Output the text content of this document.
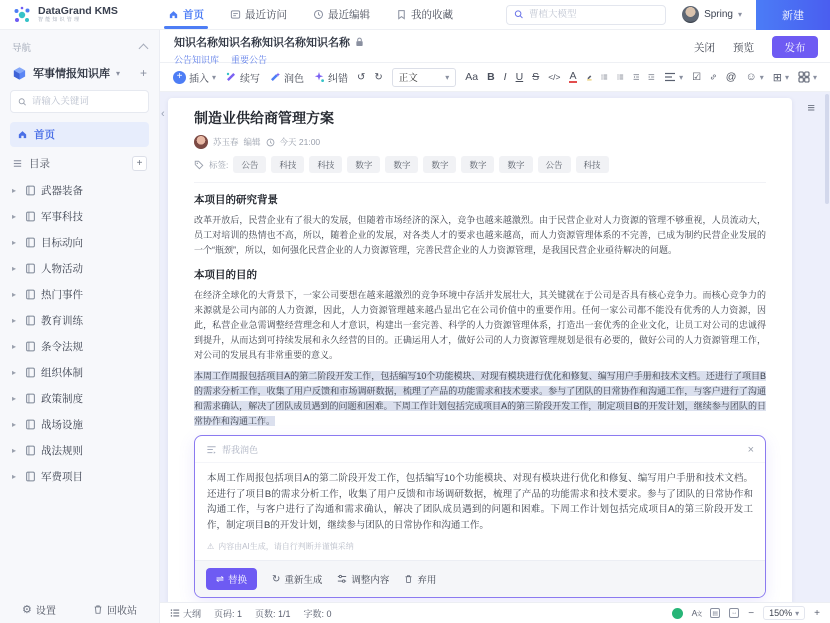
DataGrand KMS
智能知识管理	首页	最近访问	最近编辑	我的收藏
曹植大模型	Spring ▾	新建
导航
军事情报知识库 ▾ +
请输入关键词
首页
目录	+
▸	武器装备
▸	军事科技
▸	目标动向
▸	人物活动
▸	热门事件
▸	教育训练
▸	条令法规
▸	组织体制
▸	政策制度
▸	战场设施
▸	战法规则
▸	军费项目
⚙ 设置	回收站
知识名称知识名称知识名称知识名称
公告知识库 重要公告
关闭 预览	发布
+ 插入 ▾ 续写 润色 纠错 ↺ ↻ 正文	▾ Aa B I U S </> A	▾ ☑ @ ☺ ▾ ⊞ ▾	▾
‹	≡
制造业供给商管理方案
苏玉春 编辑 今天 21:00
标签:	公告	科技	科技	数字	数字	数字	数字	数字	公告	科技
本项目的研究背景

改革开放后，民营企业有了很大的发展，但随着市场经济的深入，竞争也越来越激烈。由于民营企业对人力资源的管理不够重视，人员流动大，员工对培训的热情也不高，所以，随着企业的发展，对各类人才的要求也越来越高，而人力资源管理体系的不完善，已成为制约民营企业发展的一个“瓶颈”，所以，如何强化民营企业的人力资源管理，完善民营企业的人力资源管理，是我国民营企业亟待解决的问题。

本项目的目的

在经济全球化的大背景下，一家公司要想在越来越激烈的竞争环境中存活并发展壮大，其关键就在于公司是否具有核心竞争力。而核心竞争力的来源就是公司内部的人力资源，因此，人力资源管理越来越凸显出它在公司价值中的重要作用。任何一家公司都不能没有优秀的人力资源，因此，私营企业急需调整经营理念和人才意识，构建出一套完善、科学的人力资源管理体系，打造出一套优秀的企业文化，让员工对公司的忠诚得到提升，从而达到可持续发展和永久经营的目的。正确运用人才，做好公司的人力资源管理规划是很有必要的，做好公司的人力资源管理工作，对公司的发展具有非常重要的意义。

本周工作周报包括项目A的第二阶段开发工作，包括编写10个功能模块、对现有模块进行优化和修复、编写用户手册和技术文档。还进行了项目B的需求分析工作，收集了用户反馈和市场调研数据，梳理了产品的功能需求和技术要求。参与了团队的日常协作和沟通工作，与客户进行了沟通和需求确认，解决了团队成员遇到的问题和困难。下周工作计划包括完成项目A的第三阶段开发工作，制定项目B的开发计划，继续参与团队的日常协作和沟通工作。

帮我润色	×
本周工作周报包括项目A的第二阶段开发工作，包括编写10个功能模块、对现有模块进行优化和修复、编写用户手册和技术文档。还进行了项目B的需求分析工作，收集了用户反馈和市场调研数据，梳理了产品的功能需求和技术要求。参与了团队的日常协作和沟通工作，与客户进行了沟通和需求确认，解决了团队成员遇到的问题和困难。下周工作计划包括完成项目A的第三阶段开发工作，制定项目B的开发计划，继续参与团队的日常协作和沟通工作。
⚠ 内容由AI生成，请自行判断并谨慎采纳
⇌ 替换	↻ 重新生成	调整内容	弃用

大纲 页码: 1 页数: 1/1 字数: 0	A文	▤	↔ − 150% ▾ +
